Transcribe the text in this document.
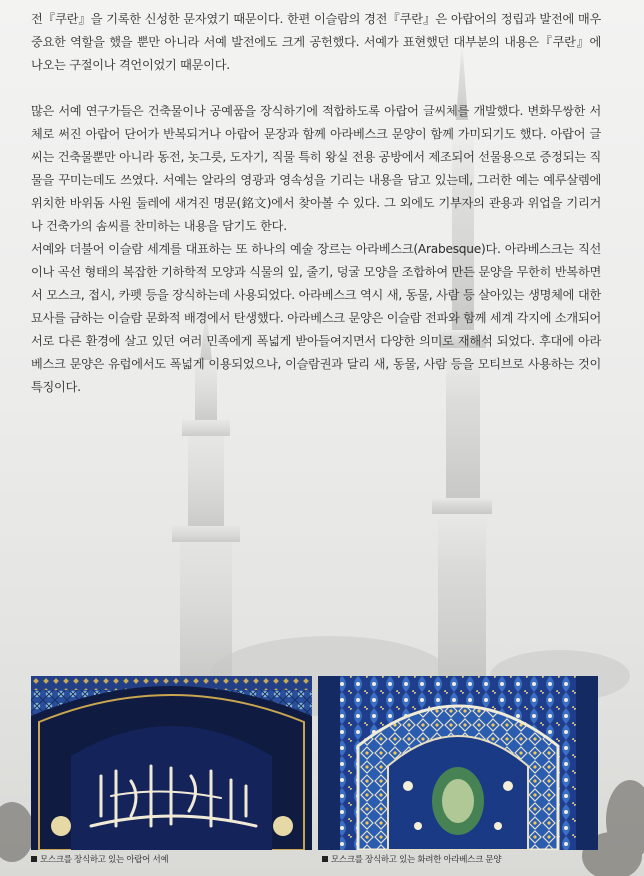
전『쿠란』을 기록한 신성한 문자였기 때문이다. 한편 이슬람의 경전『쿠란』은 아랍어의 정립과 발전에 매우 중요한 역할을 했을 뿐만 아니라 서예 발전에도 크게 공헌했다. 서예가 표현했던 대부분의 내용은『쿠란』에 나오는 구절이나 격언이었기 때문이다.

많은 서예 연구가들은 건축물이나 공예품을 장식하기에 적합하도록 아랍어 글씨체를 개발했다. 변화무쌍한 서체로 써진 아랍어 단어가 반복되거나 아랍어 문장과 함께 아라베스크 문양이 함께 가미되기도 했다. 아랍어 글씨는 건축물뿐만 아니라 동전, 놋그릇, 도자기, 직물 특히 왕실 전용 공방에서 제조되어 선물용으로 증정되는 직물을 꾸미는데도 쓰였다. 서예는 알라의 영광과 영속성을 기리는 내용을 담고 있는데, 그러한 예는 예루살렘에 위치한 바위돔 사원 둘레에 새겨진 명문(銘文)에서 찾아볼 수 있다. 그 외에도 기부자의 관용과 위업을 기리거나 건축가의 솜씨를 찬미하는 내용을 담기도 한다.

서예와 더불어 이슬람 세계를 대표하는 또 하나의 예술 장르는 아라베스크(Arabesque)다. 아라베스크는 직선이나 곡선 형태의 복잡한 기하학적 모양과 식물의 잎, 줄기, 덩굴 모양을 조합하여 만든 문양을 무한히 반복하면서 모스크, 접시, 카펫 등을 장식하는데 사용되었다. 아라베스크 역시 새, 동물, 사람 등 살아있는 생명체에 대한 묘사를 금하는 이슬람 문화적 배경에서 탄생했다. 아라베스크 문양은 이슬람 전파와 함께 세계 각지에 소개되어 서로 다른 환경에 살고 있던 여러 민족에게 폭넓게 받아들여지면서 다양한 의미로 재해석 되었다. 후대에 아라베스크 문양은 유럽에서도 폭넓게 이용되었으나, 이슬람권과 달리 새, 동물, 사람 등을 모티브로 사용하는 것이 특징이다.

모스크를 장식하고 있는 아랍어 서예	모스크를 장식하고 있는 화려한 아라베스크 문양
